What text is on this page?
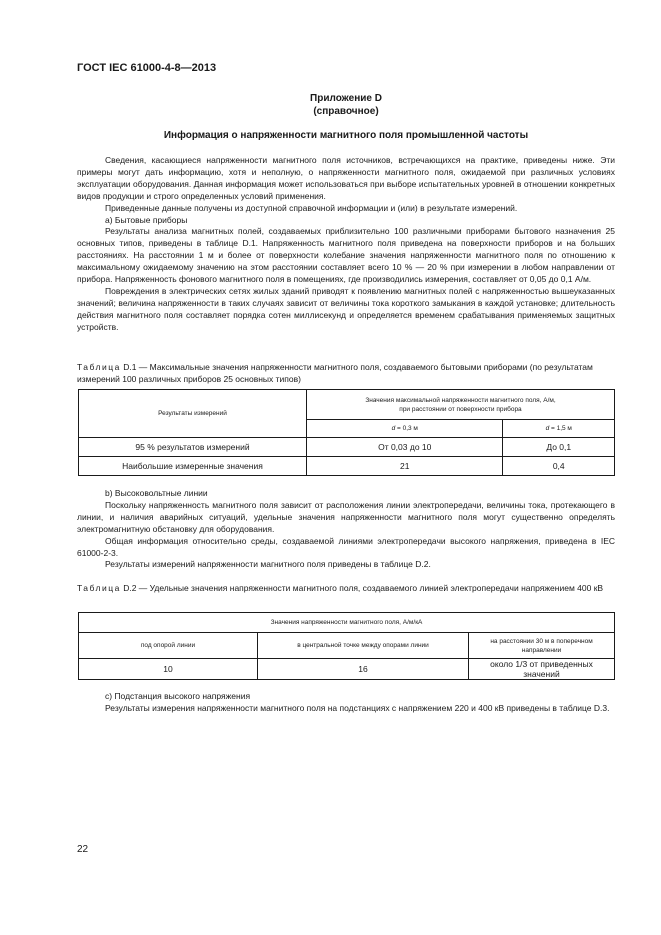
ГОСТ IEC 61000-4-8—2013
Приложение D
(справочное)
Информация о напряженности магнитного поля промышленной частоты

Сведения, касающиеся напряженности магнитного поля источников, встречающихся на практике, приведены ниже. Эти примеры могут дать информацию, хотя и неполную, о напряженности магнитного поля, ожидаемой при различных условиях эксплуатации оборудования. Данная информация может использоваться при выборе испытательных уровней в отношении конкретных видов продукции и строго определенных условий применения.

Приведенные данные получены из доступной справочной информации и (или) в результате измерений.

а) Бытовые приборы

Результаты анализа магнитных полей, создаваемых приблизительно 100 различными приборами бытового назначения 25 основных типов, приведены в таблице D.1. Напряженность магнитного поля приведена на поверхности приборов и на больших расстояниях. На расстоянии 1 м и более от поверхности колебание значения напряженности магнитного поля по отношению к максимальному ожидаемому значению на этом расстоянии составляет всего 10 % — 20 % при измерении в любом направлении от прибора. Напряженность фонового магнитного поля в помещениях, где производились измерения, составляет от 0,05 до 0,1 А/м.

Повреждения в электрических сетях жилых зданий приводят к появлению магнитных полей с напряженностью вышеуказанных значений; величина напряженности в таких случаях зависит от величины тока короткого замыкания в каждой установке; длительность действия магнитного поля составляет порядка сотен миллисекунд и определяется временем срабатывания применяемых защитных устройств.

Таблица D.1 — Максимальные значения напряженности магнитного поля, создаваемого бытовыми приборами (по результатам измерений 100 различных приборов 25 основных типов)
Результаты измерений	Значения максимальной напряженности магнитного поля, А/м, при расстоянии от поверхности прибора	
	d = 0,3 м	d = 1,5 м
95 % результатов измерений	От 0,03 до 10	До 0,1
Наибольшие измеренные значения	21	0,4

b) Высоковольтные линии

Поскольку напряженность магнитного поля зависит от расположения линии электропередачи, величины тока, протекающего в линии, и наличия аварийных ситуаций, удельные значения напряженности магнитного поля могут существенно определять электромагнитную обстановку для оборудования.

Общая информация относительно среды, создаваемой линиями электропередачи высокого напряжения, приведена в IEC 61000-2-3.

Результаты измерений напряженности магнитного поля приведены в таблице D.2.

Таблица D.2 — Удельные значения напряженности магнитного поля, создаваемого линией электропередачи напряжением 400 кВ
Значения напряженности магнитного поля, А/м/кА		
под опорой линии	в центральной точке между опорами линии	на расстоянии 30 м в поперечном направлении
10	16	около 1/3 от приведенных значений

с) Подстанция высокого напряжения

Результаты измерения напряженности магнитного поля на подстанциях с напряжением 220 и 400 кВ приведены в таблице D.3.

22
